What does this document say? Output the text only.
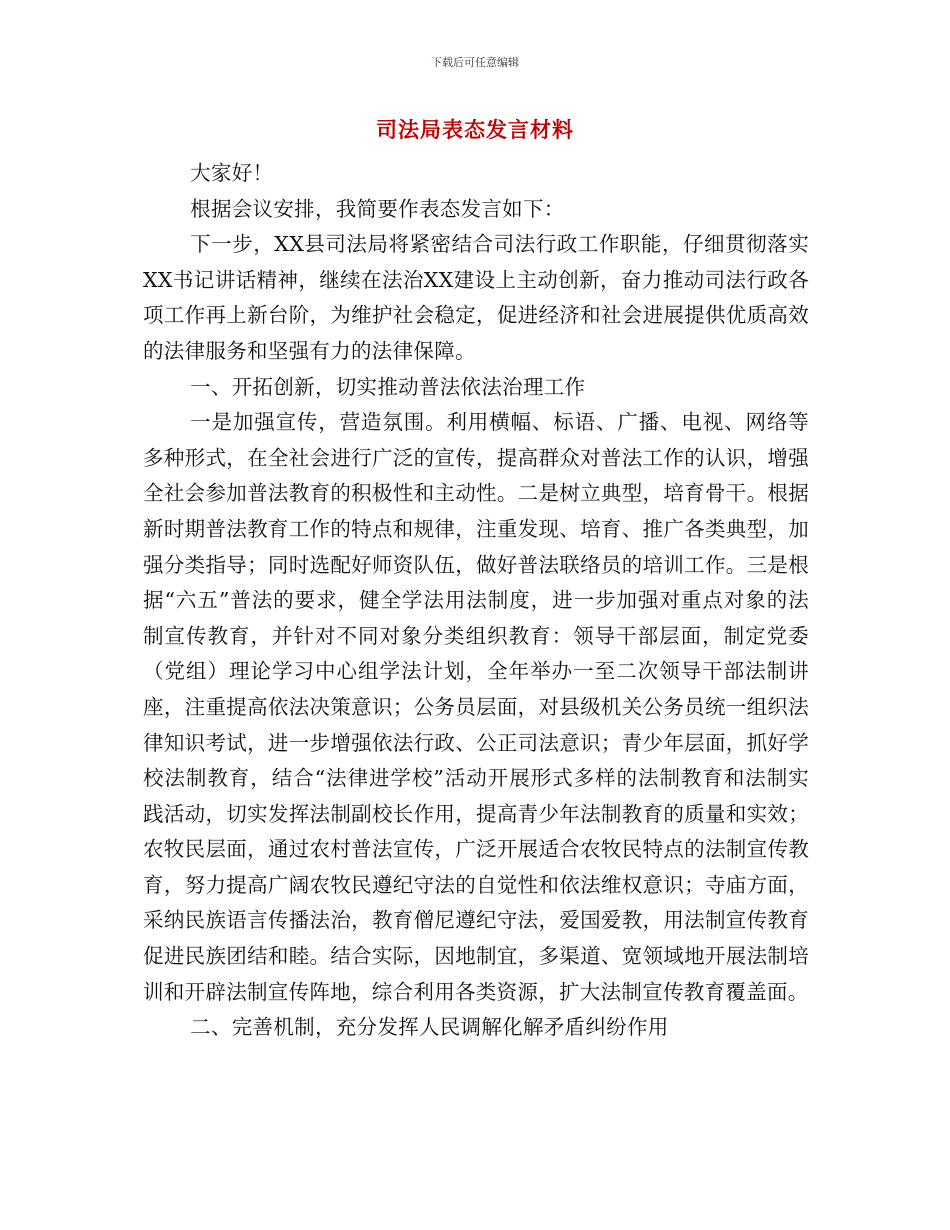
下载后可任意编辑
司法局表态发言材料

大家好！

根据会议安排，我简要作表态发言如下：

下一步，XX县司法局将紧密结合司法行政工作职能，仔细贯彻落实XX书记讲话精神，继续在法治XX建设上主动创新，奋力推动司法行政各项工作再上新台阶，为维护社会稳定，促进经济和社会进展提供优质高效的法律服务和坚强有力的法律保障。

一、开拓创新，切实推动普法依法治理工作

一是加强宣传，营造氛围。利用横幅、标语、广播、电视、网络等多种形式，在全社会进行广泛的宣传，提高群众对普法工作的认识，增强全社会参加普法教育的积极性和主动性。二是树立典型，培育骨干。根据新时期普法教育工作的特点和规律，注重发现、培育、推广各类典型，加强分类指导；同时选配好师资队伍，做好普法联络员的培训工作。三是根据“六五”普法的要求，健全学法用法制度，进一步加强对重点对象的法制宣传教育，并针对不同对象分类组织教育：领导干部层面，制定党委（党组）理论学习中心组学法计划，全年举办一至二次领导干部法制讲座，注重提高依法决策意识；公务员层面，对县级机关公务员统一组织法律知识考试，进一步增强依法行政、公正司法意识；青少年层面，抓好学校法制教育，结合“法律进学校”活动开展形式多样的法制教育和法制实践活动，切实发挥法制副校长作用，提高青少年法制教育的质量和实效；农牧民层面，通过农村普法宣传，广泛开展适合农牧民特点的法制宣传教育，努力提高广阔农牧民遵纪守法的自觉性和依法维权意识；寺庙方面，采纳民族语言传播法治，教育僧尼遵纪守法，爱国爱教，用法制宣传教育促进民族团结和睦。结合实际，因地制宜，多渠道、宽领域地开展法制培训和开辟法制宣传阵地，综合利用各类资源，扩大法制宣传教育覆盖面。

二、完善机制，充分发挥人民调解化解矛盾纠纷作用
